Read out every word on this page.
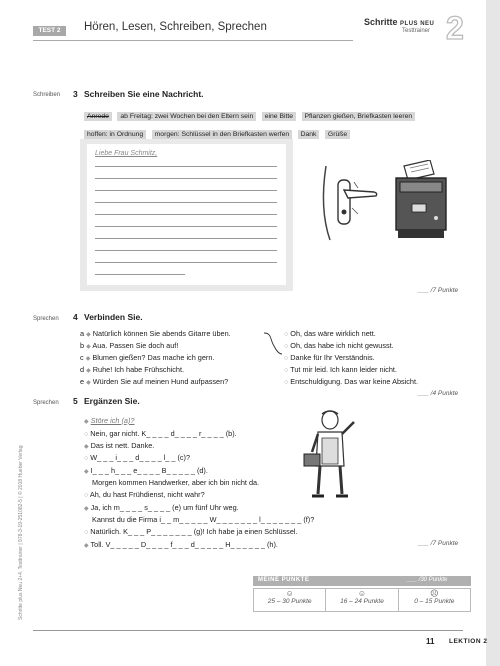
TEST 2	Hören, Lesen, Schreiben, Sprechen	Schritte PLUS NEU
Testtrainer 2
Schreiben 3 Schreiben Sie eine Nachricht.
Anrede ab Freitag: zwei Wochen bei den Eltern sein eine Bitte Pflanzen gießen, Briefkasten leeren hoffen: in Ordnung morgen: Schlüssel in den Briefkasten werfen Dank Grüße
Liebe Frau Schmitz,
___ /7 Punkte
Sprechen 4 Verbinden Sie.
a ◆ Natürlich können Sie abends Gitarre üben.
b ◆ Aua. Passen Sie doch auf!
c ◆ Blumen gießen? Das mache ich gern.
d ◆ Ruhe! Ich habe Frühschicht.
e ◆ Würden Sie auf meinen Hund aufpassen?
○ Oh, das wäre wirklich nett.
○ Oh, das habe ich nicht gewusst.
○ Danke für Ihr Verständnis.
○ Tut mir leid. Ich kann leider nicht.
○ Entschuldigung. Das war keine Absicht.
___ /4 Punkte
Sprechen 5 Ergänzen Sie.
◆ Störe ich (a)?
○ Nein, gar nicht. K_ _ _ _ d_ _ _ _ r_ _ _ _ (b).
◆ Das ist nett. Danke.
○ W_ _ _ i_ _ _ d_ _ _ _ l_ _ (c)?
◆ I_ _ _ h_ _ _ e_ _ _ _ B_ _ _ _ _ (d).
Morgen kommen Handwerker, aber ich bin nicht da.
○ Ah, du hast Frühdienst, nicht wahr?
◆ Ja, ich m_ _ _ _ s_ _ _ _ (e) um fünf Uhr weg.
Kannst du die Firma i_ _ m_ _ _ _ _ W_ _ _ _ _ _ _ l_ _ _ _ _ _ _ (f)?
○ Natürlich. K_ _ _ P_ _ _ _ _ _ _ (g)! Ich habe ja einen Schlüssel.
◆ Toll. V_ _ _ _ _ D_ _ _ _ f_ _ _ d_ _ _ _ _ H_ _ _ _ _ _ (h).	___ /7 Punkte
MEINE PUNKTE	___ /30 Punkte
☺
25 – 30 Punkte
☺
16 – 24 Punkte
☹
0 – 15 Punkte
11 LEKTION 2
Schritte plus Neu 2+4, Testtrainer | 978-3-19-251082-5 | © 2018 Hueber Verlag
